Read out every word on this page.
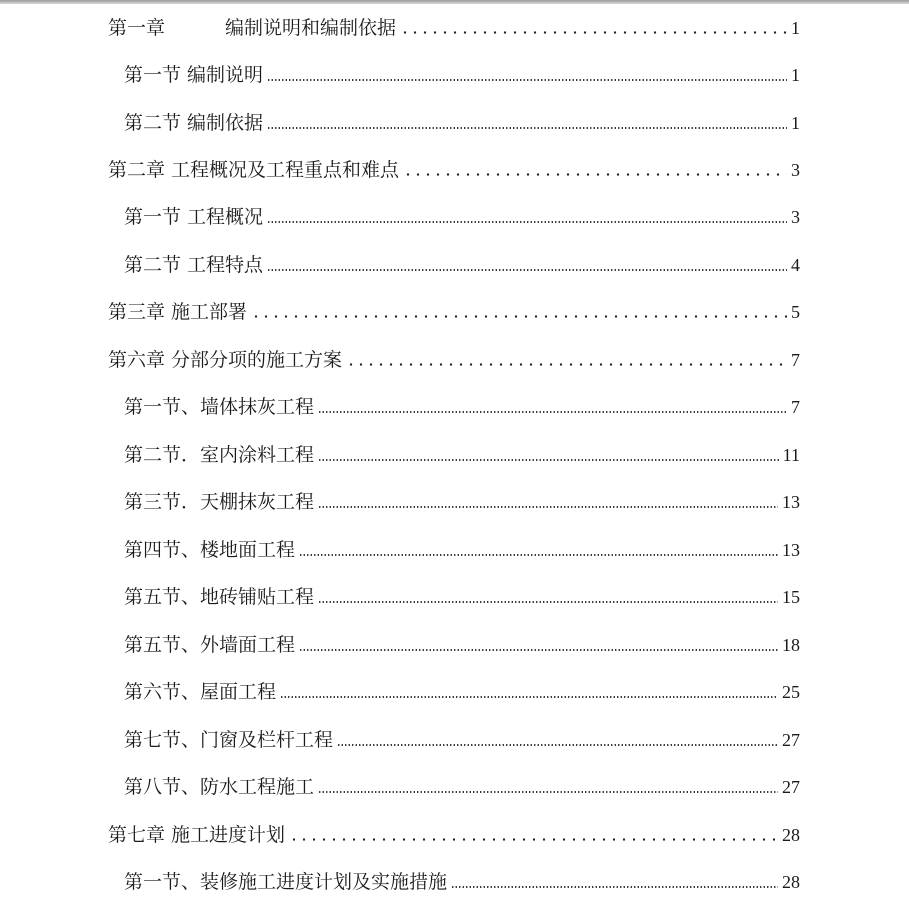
第一章	编制说明和编制依据	1
第一节 编制说明	1
第二节 编制依据	1
第二章 工程概况及工程重点和难点	3
第一节 工程概况	3
第二节 工程特点	4
第三章 施工部署	5
第六章 分部分项的施工方案	7
第一节、墙体抹灰工程	7
第二节．室内涂料工程	11
第三节．天棚抹灰工程	13
第四节、楼地面工程	13
第五节、地砖铺贴工程	15
第五节、外墙面工程	18
第六节、屋面工程	25
第七节、门窗及栏杆工程	27
第八节、防水工程施工	27
第七章 施工进度计划	28
第一节、装修施工进度计划及实施措施	28
